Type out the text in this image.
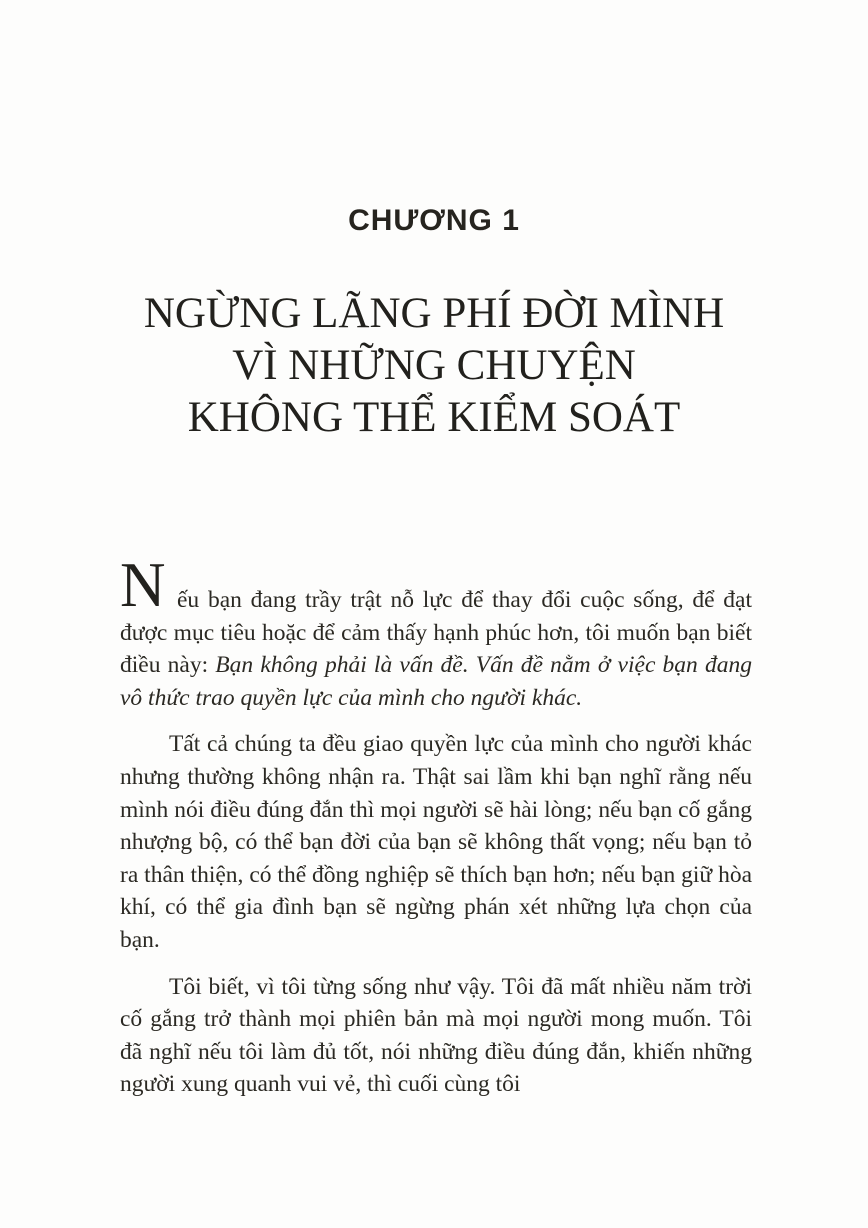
CHƯƠNG 1
NGỪNG LÃNG PHÍ ĐỜI MÌNH
VÌ NHỮNG CHUYỆN
KHÔNG THỂ KIỂM SOÁT

N ếu bạn đang trầy trật nỗ lực để thay đổi cuộc sống, để đạt được mục tiêu hoặc để cảm thấy hạnh phúc hơn, tôi muốn bạn biết điều này: Bạn không phải là vấn đề. Vấn đề nằm ở việc bạn đang vô thức trao quyền lực của mình cho người khác.

Tất cả chúng ta đều giao quyền lực của mình cho người khác nhưng thường không nhận ra. Thật sai lầm khi bạn nghĩ rằng nếu mình nói điều đúng đắn thì mọi người sẽ hài lòng; nếu bạn cố gắng nhượng bộ, có thể bạn đời của bạn sẽ không thất vọng; nếu bạn tỏ ra thân thiện, có thể đồng nghiệp sẽ thích bạn hơn; nếu bạn giữ hòa khí, có thể gia đình bạn sẽ ngừng phán xét những lựa chọn của bạn.

Tôi biết, vì tôi từng sống như vậy. Tôi đã mất nhiều năm trời cố gắng trở thành mọi phiên bản mà mọi người mong muốn. Tôi đã nghĩ nếu tôi làm đủ tốt, nói những điều đúng đắn, khiến những người xung quanh vui vẻ, thì cuối cùng tôi
